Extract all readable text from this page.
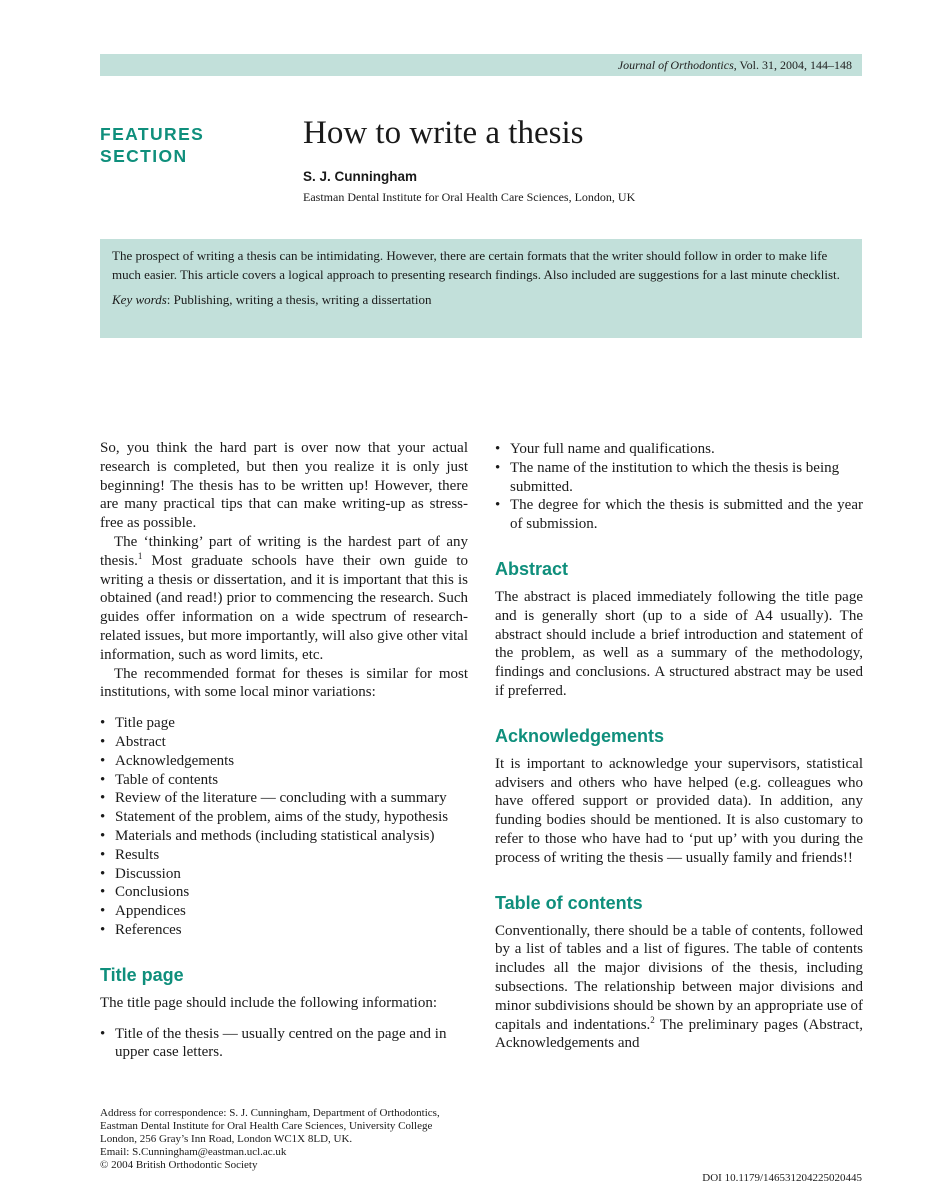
Journal of Orthodontics , Vol. 31, 2004, 144–148
FEATURES
SECTION
How to write a thesis
S. J. Cunningham
Eastman Dental Institute for Oral Health Care Sciences, London, UK

The prospect of writing a thesis can be intimidating. However, there are certain formats that the writer should follow in order to make life much easier. This article covers a logical approach to presenting research findings. Also included are suggestions for a last minute checklist.

Key words: Publishing, writing a thesis, writing a dissertation

So, you think the hard part is over now that your actual research is completed, but then you realize it is only just beginning! The thesis has to be written up! However, there are many practical tips that can make writing-up as stress-free as possible.

The ‘thinking’ part of writing is the hardest part of any thesis.$^1$ Most graduate schools have their own guide to writing a thesis or dissertation, and it is important that this is obtained (and read!) prior to commencing the research. Such guides offer information on a wide spectrum of research-related issues, but more importantly, will also give other vital information, such as word limits, etc.

The recommended format for theses is similar for most institutions, with some local minor variations:

• Title page
• Abstract
• Acknowledgements
• Table of contents
• Review of the literature — concluding with a summary
• Statement of the problem, aims of the study, hypothesis
• Materials and methods (including statistical analysis)
• Results
• Discussion
• Conclusions
• Appendices
• References
Title page

The title page should include the following information:

• Title of the thesis — usually centred on the page and in upper case letters.
• Your full name and qualifications.
• The name of the institution to which the thesis is being submitted.
• The degree for which the thesis is submitted and the year of submission.
Abstract

The abstract is placed immediately following the title page and is generally short (up to a side of A4 usually). The abstract should include a brief introduction and statement of the problem, as well as a summary of the methodology, findings and conclusions. A structured abstract may be used if preferred.

Acknowledgements

It is important to acknowledge your supervisors, statistical advisers and others who have helped (e.g. colleagues who have offered support or provided data). In addition, any funding bodies should be mentioned. It is also customary to refer to those who have had to ‘put up’ with you during the process of writing the thesis — usually family and friends!!

Table of contents

Conventionally, there should be a table of contents, followed by a list of tables and a list of figures. The table of contents includes all the major divisions of the thesis, including subsections. The relationship between major divisions and minor subdivisions should be shown by an appropriate use of capitals and indentations.$^2$ The preliminary pages (Abstract, Acknowledgements and

Address for correspondence: S. J. Cunningham, Department of Orthodontics,
Eastman Dental Institute for Oral Health Care Sciences, University College
London, 256 Gray’s Inn Road, London WC1X 8LD, UK.
Email: S.Cunningham@eastman.ucl.ac.uk
© 2004 British Orthodontic Society
DOI 10.1179/146531204225020445
